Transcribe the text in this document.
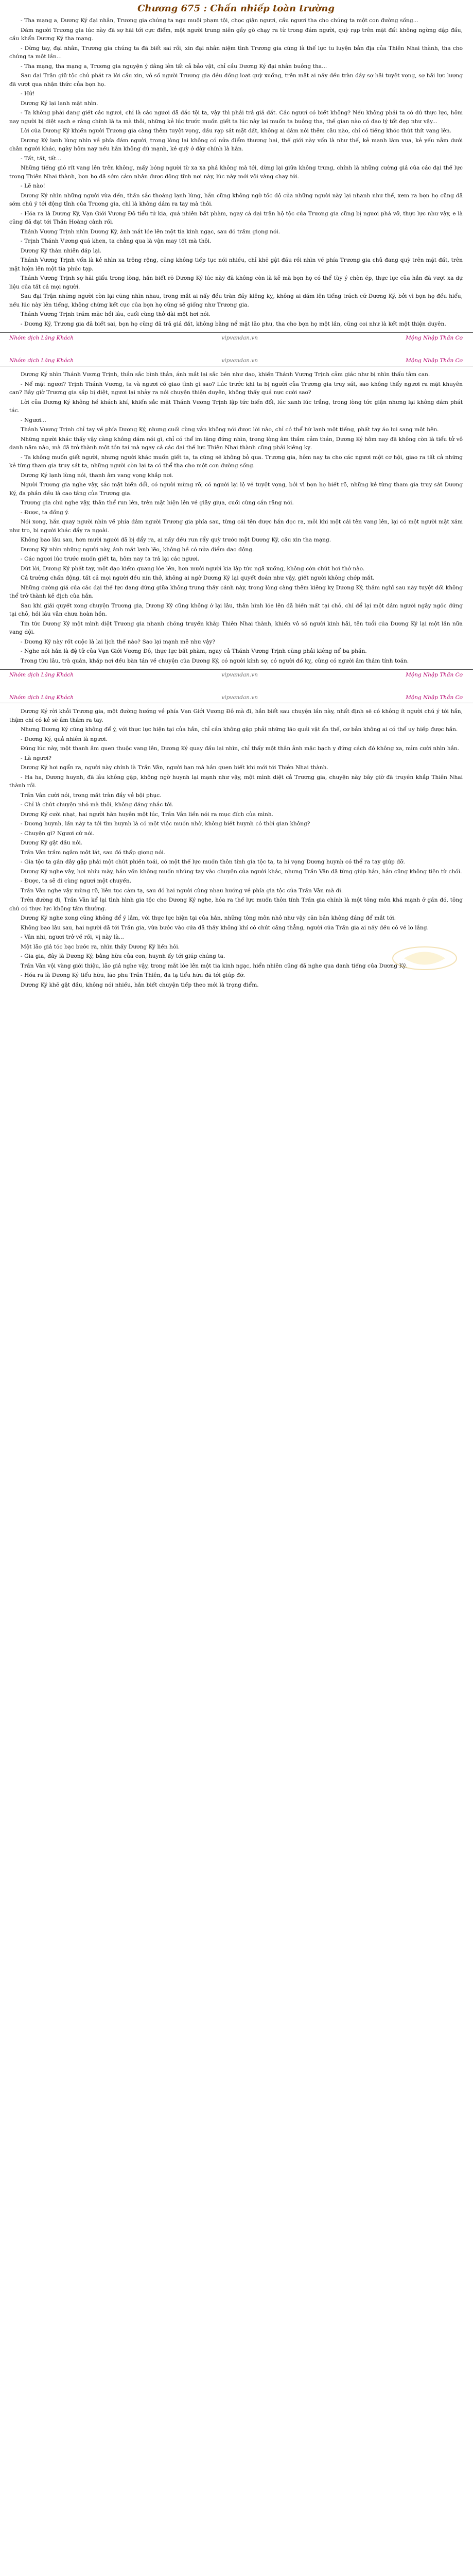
Chương 675 : Chấn nhiếp toàn trường

- Tha mạng a, Dương Ký đại nhân, Trương gia chúng ta ngu muội phạm tội, chọc giận ngươi, cầu ngươi tha cho chúng ta một con đường sống...

Đám người Trương gia lúc này đã sợ hãi tới cực điểm, một người trung niên gầy gò chạy ra từ trong đám người, quỳ rạp trên mặt đất không ngừng dập đầu, cầu khẩn Dương Ký tha mạng.

- Dừng tay, đại nhân, Trương gia chúng ta đã biết sai rồi, xin đại nhân niệm tình Trương gia cũng là thế lực tu luyện bản địa của Thiên Nhai thành, tha cho chúng ta một lần...

- Tha mạng, tha mạng a, Trương gia nguyện ý dâng lên tất cả bảo vật, chỉ cầu Dương Ký đại nhân buông tha...

Sau đại Trận giữ tộc chủ phát ra lời cầu xin, vô số người Trương gia đều đồng loạt quỳ xuống, trên mặt ai nấy đều tràn đầy sợ hãi tuyệt vọng, sợ hãi lực lượng đã vượt qua nhận thức của bọn họ.

- Hử!

Dương Ký lại lạnh mặt nhìn.

- Ta không phải đang giết các ngươi, chỉ là các ngươi đã đắc tội ta, vậy thì phải trả giá đắt. Các ngươi có biết không? Nếu không phải ta có đủ thực lực, hôm nay người bị diệt sạch e rằng chính là ta mà thôi, những kẻ lúc trước muốn giết ta lúc này lại muốn ta buông tha, thế gian nào có đạo lý tốt đẹp như vậy...

Lời của Dương Ký khiến người Trương gia càng thêm tuyệt vọng, đầu rạp sát mặt đất, không ai dám nói thêm câu nào, chỉ có tiếng khóc thút thít vang lên.

Dương Ký lạnh lùng nhìn về phía đám người, trong lòng lại không có nửa điểm thương hại, thế giới này vốn là như thế, kẻ mạnh làm vua, kẻ yếu nằm dưới chân người khác, ngày hôm nay nếu hắn không đủ mạnh, kẻ quỳ ở đây chính là hắn.

- Tất, tất, tất...

Những tiếng gió rít vang lên trên không, mấy bóng người từ xa xa phá không mà tới, dừng lại giữa không trung, chính là những cường giả của các đại thế lực trong Thiên Nhai thành, bọn họ đã sớm cảm nhận được động tĩnh nơi này, lúc này mới vội vàng chạy tới.

- Lẽ nào!

Dương Ký nhìn những người vừa đến, thần sắc thoáng lạnh lùng, hắn cũng không ngờ tốc độ của những người này lại nhanh như thế, xem ra bọn họ cũng đã sớm chú ý tới động tĩnh của Trương gia, chỉ là không dám ra tay mà thôi.

- Hóa ra là Dương Ký, Vạn Giới Vương Đô tiểu tử kia, quả nhiên bất phàm, ngay cả đại trận hộ tộc của Trương gia cũng bị ngươi phá vỡ, thực lực như vậy, e là cũng đã đạt tới Thần Hoàng cảnh rồi.

Thánh Vương Trịnh nhìn Dương Ký, ánh mắt lóe lên một tia kinh ngạc, sau đó trầm giọng nói.

- Trịnh Thánh Vương quá khen, ta chẳng qua là vận may tốt mà thôi.

Dương Ký thản nhiên đáp lại.

Thánh Vương Trịnh vốn là kẻ nhìn xa trông rộng, cũng không tiếp tục nói nhiều, chỉ khẽ gật đầu rồi nhìn về phía Trương gia chủ đang quỳ trên mặt đất, trên mặt hiện lên một tia phức tạp.

Thánh Vương Trịnh sợ hãi giấu trong lòng, hắn biết rõ Dương Ký lúc này đã không còn là kẻ mà bọn họ có thể tùy ý chèn ép, thực lực của hắn đã vượt xa dự liệu của tất cả mọi người.

Sau đại Trận những người còn lại cũng nhìn nhau, trong mắt ai nấy đều tràn đầy kiêng kỵ, không ai dám lên tiếng trách cứ Dương Ký, bởi vì bọn họ đều hiểu, nếu lúc này lên tiếng, không chừng kết cục của bọn họ cũng sẽ giống như Trương gia.

Thánh Vương Trịnh trầm mặc hồi lâu, cuối cùng thở dài một hơi nói.

- Dương Ký, Trương gia đã biết sai, bọn họ cũng đã trả giá đắt, không bằng nể mặt lão phu, tha cho bọn họ một lần, cũng coi như là kết một thiện duyên.

Nhóm dịch Lăng Khách	vipvandan.vn	Mộng Nhập Thần Cơ
Nhóm dịch Lăng Khách	vipvandan.vn	Mộng Nhập Thần Cơ

Dương Ký nhìn Thánh Vương Trịnh, thần sắc bình thản, ánh mắt lại sắc bén như dao, khiến Thánh Vương Trịnh cảm giác như bị nhìn thấu tâm can.

- Nể mặt ngươi? Trịnh Thánh Vương, ta và ngươi có giao tình gì sao? Lúc trước khi ta bị người của Trương gia truy sát, sao không thấy ngươi ra mặt khuyên can? Bây giờ Trương gia sắp bị diệt, ngươi lại nhảy ra nói chuyện thiện duyên, không thấy quá nực cười sao?

Lời của Dương Ký không hề khách khí, khiến sắc mặt Thánh Vương Trịnh lập tức biến đổi, lúc xanh lúc trắng, trong lòng tức giận nhưng lại không dám phát tác.

- Ngươi...

Thánh Vương Trịnh chỉ tay về phía Dương Ký, nhưng cuối cùng vẫn không nói được lời nào, chỉ có thể hừ lạnh một tiếng, phất tay áo lui sang một bên.

Những người khác thấy vậy càng không dám nói gì, chỉ có thể im lặng đứng nhìn, trong lòng âm thầm cảm thán, Dương Ký hôm nay đã không còn là tiểu tử vô danh năm nào, mà đã trở thành một tồn tại mà ngay cả các đại thế lực Thiên Nhai thành cũng phải kiêng kỵ.

- Ta không muốn giết người, nhưng người khác muốn giết ta, ta cũng sẽ không bỏ qua. Trương gia, hôm nay ta cho các ngươi một cơ hội, giao ra tất cả những kẻ từng tham gia truy sát ta, những người còn lại ta có thể tha cho một con đường sống.

Dương Ký lạnh lùng nói, thanh âm vang vọng khắp nơi.

Người Trương gia nghe vậy, sắc mặt biến đổi, có người mừng rỡ, có người lại lộ vẻ tuyệt vọng, bởi vì bọn họ biết rõ, những kẻ từng tham gia truy sát Dương Ký, đa phần đều là cao tầng của Trương gia.

Trương gia chủ nghe vậy, thân thể run lên, trên mặt hiện lên vẻ giãy giụa, cuối cùng cắn răng nói.

- Được, ta đồng ý.

Nói xong, hắn quay người nhìn về phía đám người Trương gia phía sau, từng cái tên được hắn đọc ra, mỗi khi một cái tên vang lên, lại có một người mặt xám như tro, bị người khác đẩy ra ngoài.

Không bao lâu sau, hơn mười người đã bị đẩy ra, ai nấy đều run rẩy quỳ trước mặt Dương Ký, cầu xin tha mạng.

Dương Ký nhìn những người này, ánh mắt lạnh lẽo, không hề có nửa điểm dao động.

- Các ngươi lúc trước muốn giết ta, hôm nay ta trả lại các ngươi.

Dứt lời, Dương Ký phất tay, một đạo kiếm quang lóe lên, hơn mười người kia lập tức ngã xuống, không còn chút hơi thở nào.

Cả trường chấn động, tất cả mọi người đều nín thở, không ai ngờ Dương Ký lại quyết đoán như vậy, giết người không chớp mắt.

Những cường giả của các đại thế lực đang đứng giữa không trung thấy cảnh này, trong lòng càng thêm kiêng kỵ Dương Ký, thầm nghĩ sau này tuyệt đối không thể trở thành kẻ địch của hắn.

Sau khi giải quyết xong chuyện Trương gia, Dương Ký cũng không ở lại lâu, thân hình lóe lên đã biến mất tại chỗ, chỉ để lại một đám người ngây ngốc đứng tại chỗ, hồi lâu vẫn chưa hoàn hồn.

Tin tức Dương Ký một mình diệt Trương gia nhanh chóng truyền khắp Thiên Nhai thành, khiến vô số người kinh hãi, tên tuổi của Dương Ký lại một lần nữa vang dội.

- Dương Ký này rốt cuộc là lai lịch thế nào? Sao lại mạnh mẽ như vậy?

- Nghe nói hắn là đệ tử của Vạn Giới Vương Đô, thực lực bất phàm, ngay cả Thánh Vương Trịnh cũng phải kiêng nể ba phần.

Trong tửu lâu, trà quán, khắp nơi đều bàn tán về chuyện của Dương Ký, có người kính sợ, có người đố kỵ, cũng có người âm thầm tính toán.

Nhóm dịch Lăng Khách	vipvandan.vn	Mộng Nhập Thần Cơ
Nhóm dịch Lăng Khách	vipvandan.vn	Mộng Nhập Thần Cơ

Dương Ký rời khỏi Trương gia, một đường hướng về phía Vạn Giới Vương Đô mà đi, hắn biết sau chuyện lần này, nhất định sẽ có không ít người chú ý tới hắn, thậm chí có kẻ sẽ âm thầm ra tay.

Nhưng Dương Ký cũng không để ý, với thực lực hiện tại của hắn, chỉ cần không gặp phải những lão quái vật ẩn thế, cơ bản không ai có thể uy hiếp được hắn.

- Dương Ký, quả nhiên là ngươi.

Đúng lúc này, một thanh âm quen thuộc vang lên, Dương Ký quay đầu lại nhìn, chỉ thấy một thân ảnh mặc bạch y đứng cách đó không xa, mỉm cười nhìn hắn.

- Là ngươi?

Dương Ký hơi ngẩn ra, người này chính là Trần Vân, người bạn mà hắn quen biết khi mới tới Thiên Nhai thành.

- Ha ha, Dương huynh, đã lâu không gặp, không ngờ huynh lại mạnh như vậy, một mình diệt cả Trương gia, chuyện này bây giờ đã truyền khắp Thiên Nhai thành rồi.

Trần Vân cười nói, trong mắt tràn đầy vẻ bội phục.

- Chỉ là chút chuyện nhỏ mà thôi, không đáng nhắc tới.

Dương Ký cười nhạt, hai người hàn huyên một lúc, Trần Vân liền nói ra mục đích của mình.

- Dương huynh, lần này ta tới tìm huynh là có một việc muốn nhờ, không biết huynh có thời gian không?

- Chuyện gì? Ngươi cứ nói.

Dương Ký gật đầu nói.

Trần Vân trầm ngâm một lát, sau đó thấp giọng nói.

- Gia tộc ta gần đây gặp phải một chút phiền toái, có một thế lực muốn thôn tính gia tộc ta, ta hi vọng Dương huynh có thể ra tay giúp đỡ.

Dương Ký nghe vậy, hơi nhíu mày, hắn vốn không muốn nhúng tay vào chuyện của người khác, nhưng Trần Vân đã từng giúp hắn, hắn cũng không tiện từ chối.

- Được, ta sẽ đi cùng ngươi một chuyến.

Trần Vân nghe vậy mừng rỡ, liên tục cảm tạ, sau đó hai người cùng nhau hướng về phía gia tộc của Trần Vân mà đi.

Trên đường đi, Trần Vân kể lại tình hình gia tộc cho Dương Ký nghe, hóa ra thế lực muốn thôn tính Trần gia chính là một tông môn khá mạnh ở gần đó, tông chủ có thực lực không tầm thường.

Dương Ký nghe xong cũng không để ý lắm, với thực lực hiện tại của hắn, những tông môn nhỏ như vậy căn bản không đáng để mắt tới.

Không bao lâu sau, hai người đã tới Trần gia, vừa bước vào cửa đã thấy không khí có chút căng thẳng, người của Trần gia ai nấy đều có vẻ lo lắng.

- Vân nhi, ngươi trở về rồi, vị này là...

Một lão giả tóc bạc bước ra, nhìn thấy Dương Ký liền hỏi.

- Gia gia, đây là Dương Ký, bằng hữu của con, huynh ấy tới giúp chúng ta.

Trần Vân vội vàng giới thiệu, lão giả nghe vậy, trong mắt lóe lên một tia kinh ngạc, hiển nhiên cũng đã nghe qua danh tiếng của Dương Ký.

- Hóa ra là Dương Ký tiểu hữu, lão phu Trần Thiên, đa tạ tiểu hữu đã tới giúp đỡ.

Dương Ký khẽ gật đầu, không nói nhiều, hắn biết chuyện tiếp theo mới là trọng điểm.
